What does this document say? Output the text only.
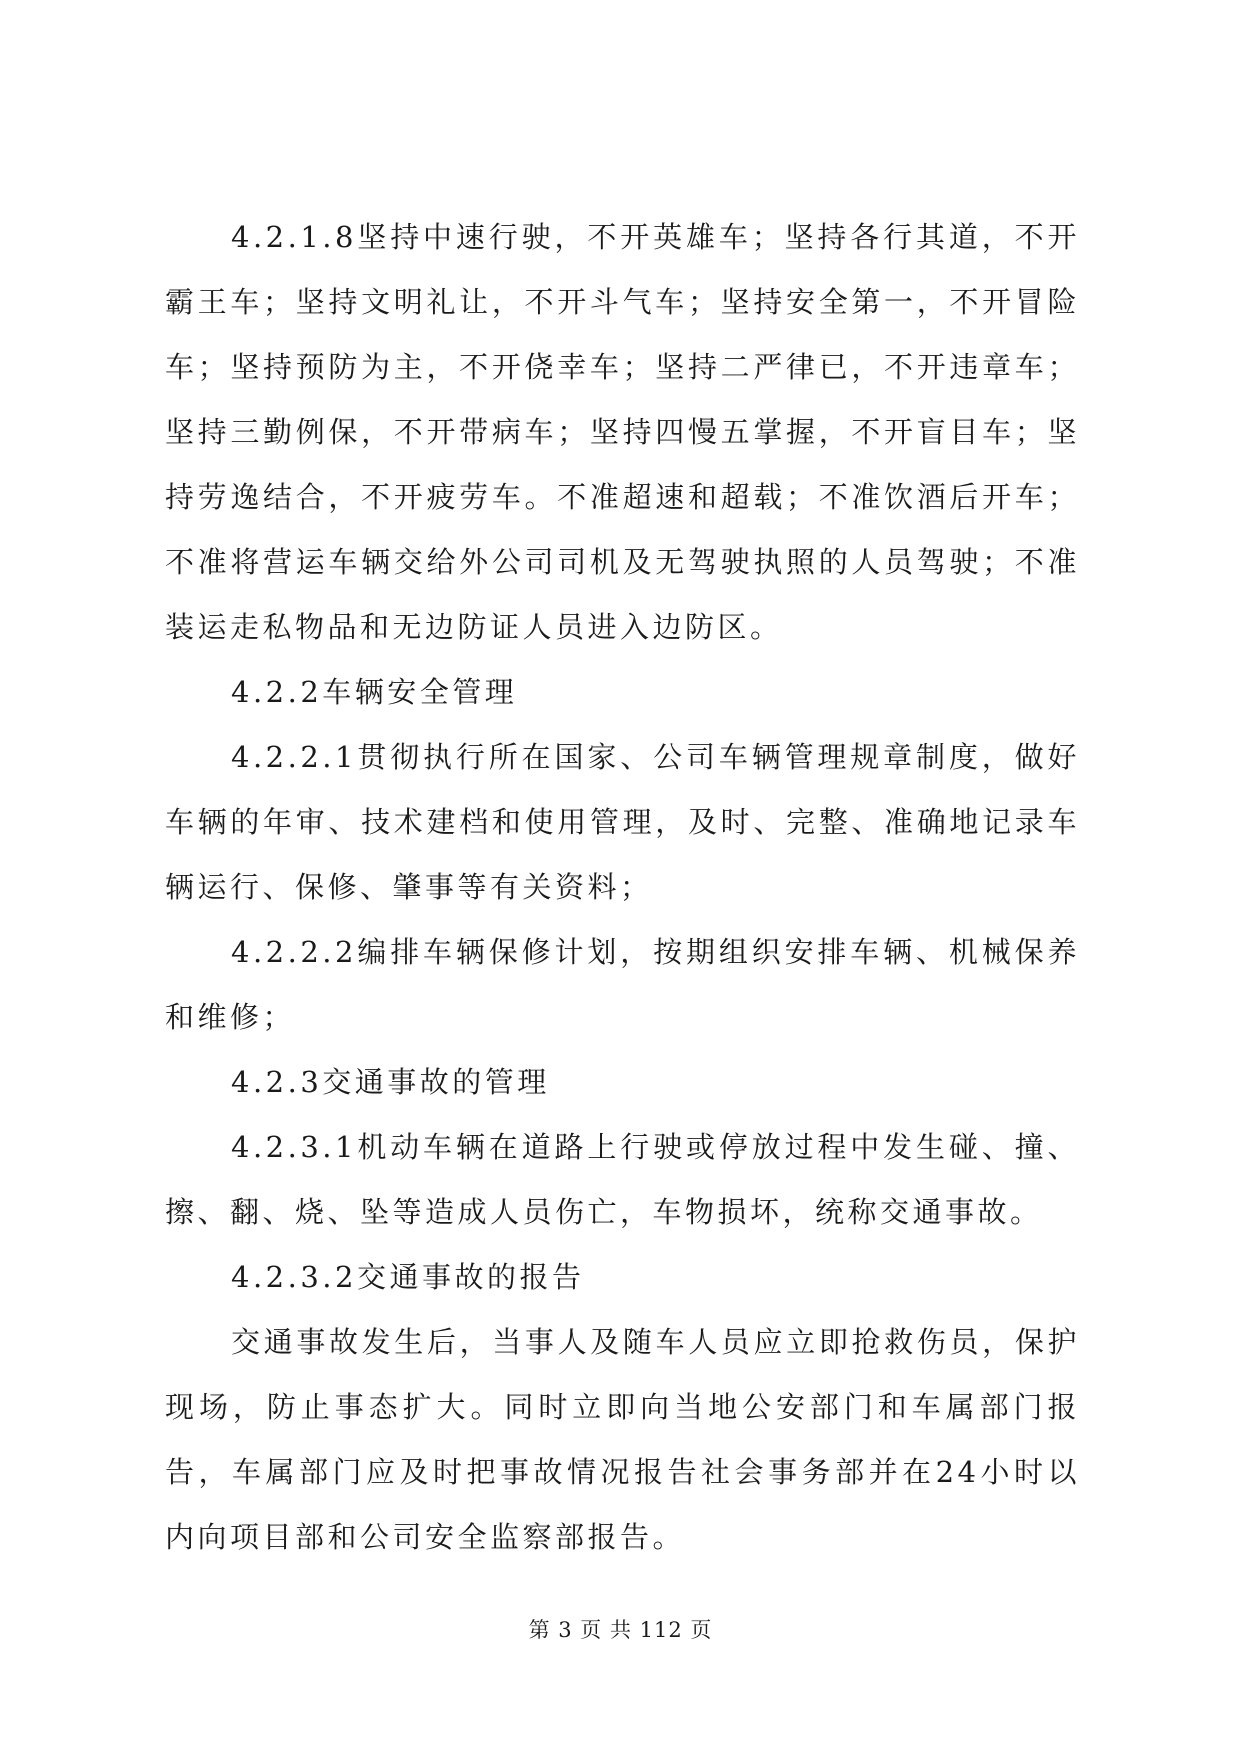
4.2.1.8坚持中速行驶，不开英雄车；坚持各行其道，不开霸王车；坚持文明礼让，不开斗气车；坚持安全第一，不开冒险车；坚持预防为主，不开侥幸车；坚持二严律已，不开违章车；坚持三勤例保，不开带病车；坚持四慢五掌握，不开盲目车；坚持劳逸结合，不开疲劳车。不准超速和超载；不准饮酒后开车；不准将营运车辆交给外公司司机及无驾驶执照的人员驾驶；不准装运走私物品和无边防证人员进入边防区。

4.2.2车辆安全管理

4.2.2.1贯彻执行所在国家、公司车辆管理规章制度，做好车辆的年审、技术建档和使用管理，及时、完整、准确地记录车辆运行、保修、肇事等有关资料；

4.2.2.2编排车辆保修计划，按期组织安排车辆、机械保养和维修；

4.2.3交通事故的管理

4.2.3.1机动车辆在道路上行驶或停放过程中发生碰、撞、擦、翻、烧、坠等造成人员伤亡，车物损坏，统称交通事故。

4.2.3.2交通事故的报告

交通事故发生后，当事人及随车人员应立即抢救伤员，保护现场，防止事态扩大。同时立即向当地公安部门和车属部门报告，车属部门应及时把事故情况报告社会事务部并在24小时以内向项目部和公司安全监察部报告。

第 3 页 共 112 页
